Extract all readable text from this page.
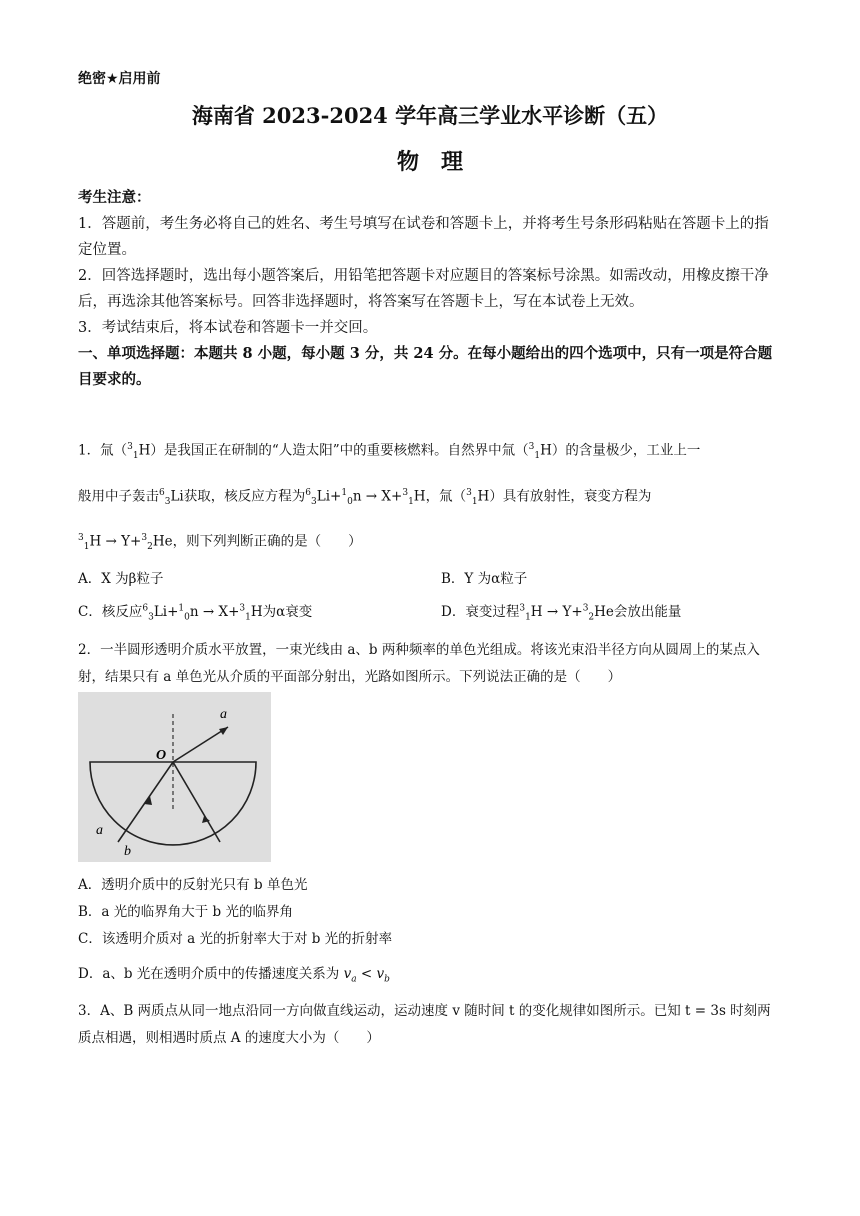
绝密★启用前
海南省 2023-2024 学年高三学业水平诊断（五）
物理
考生注意：
1．答题前，考生务必将自己的姓名、考生号填写在试卷和答题卡上，并将考生号条形码粘贴在答题卡上的指定位置。
2．回答选择题时，选出每小题答案后，用铅笔把答题卡对应题目的答案标号涂黑。如需改动，用橡皮擦干净后，再选涂其他答案标号。回答非选择题时，将答案写在答题卡上，写在本试卷上无效。
3．考试结束后，将本试卷和答题卡一并交回。
一、单项选择题：本题共 8 小题，每小题 3 分，共 24 分。在每小题给出的四个选项中，只有一项是符合题目要求的。
1．氚（$^3_1$H）是我国正在研制的“人造太阳”中的重要核燃料。自然界中氚（$^3_1$H）的含量极少，工业上一
般用中子轰击$^6_3$Li获取，核反应方程为$^6_3$Li+$^1_0$n → X+$^3_1$H，氚（$^3_1$H）具有放射性，衰变方程为
$^3_1$H → Y+$^3_2$He，则下列判断正确的是（　　）
A．X 为β粒子	B．Y 为α粒子
C．核反应$^6_3$Li+$^1_0$n → X+$^3_1$H为α衰变	D．衰变过程$^3_1$H → Y+$^3_2$He会放出能量
2．一半圆形透明介质水平放置，一束光线由 a、b 两种频率的单色光组成。将该光束沿半径方向从圆周上的某点入射，结果只有 a 单色光从介质的平面部分射出，光路如图所示。下列说法正确的是（　　）
a
O
a
b
A．透明介质中的反射光只有 b 单色光
B．a 光的临界角大于 b 光的临界角
C．该透明介质对 a 光的折射率大于对 b 光的折射率
D．a、b 光在透明介质中的传播速度关系为 $v_a < v_b$
3．A、B 两质点从同一地点沿同一方向做直线运动，运动速度 v 随时间 t 的变化规律如图所示。已知 t = 3s 时刻两质点相遇，则相遇时质点 A 的速度大小为（　　）
